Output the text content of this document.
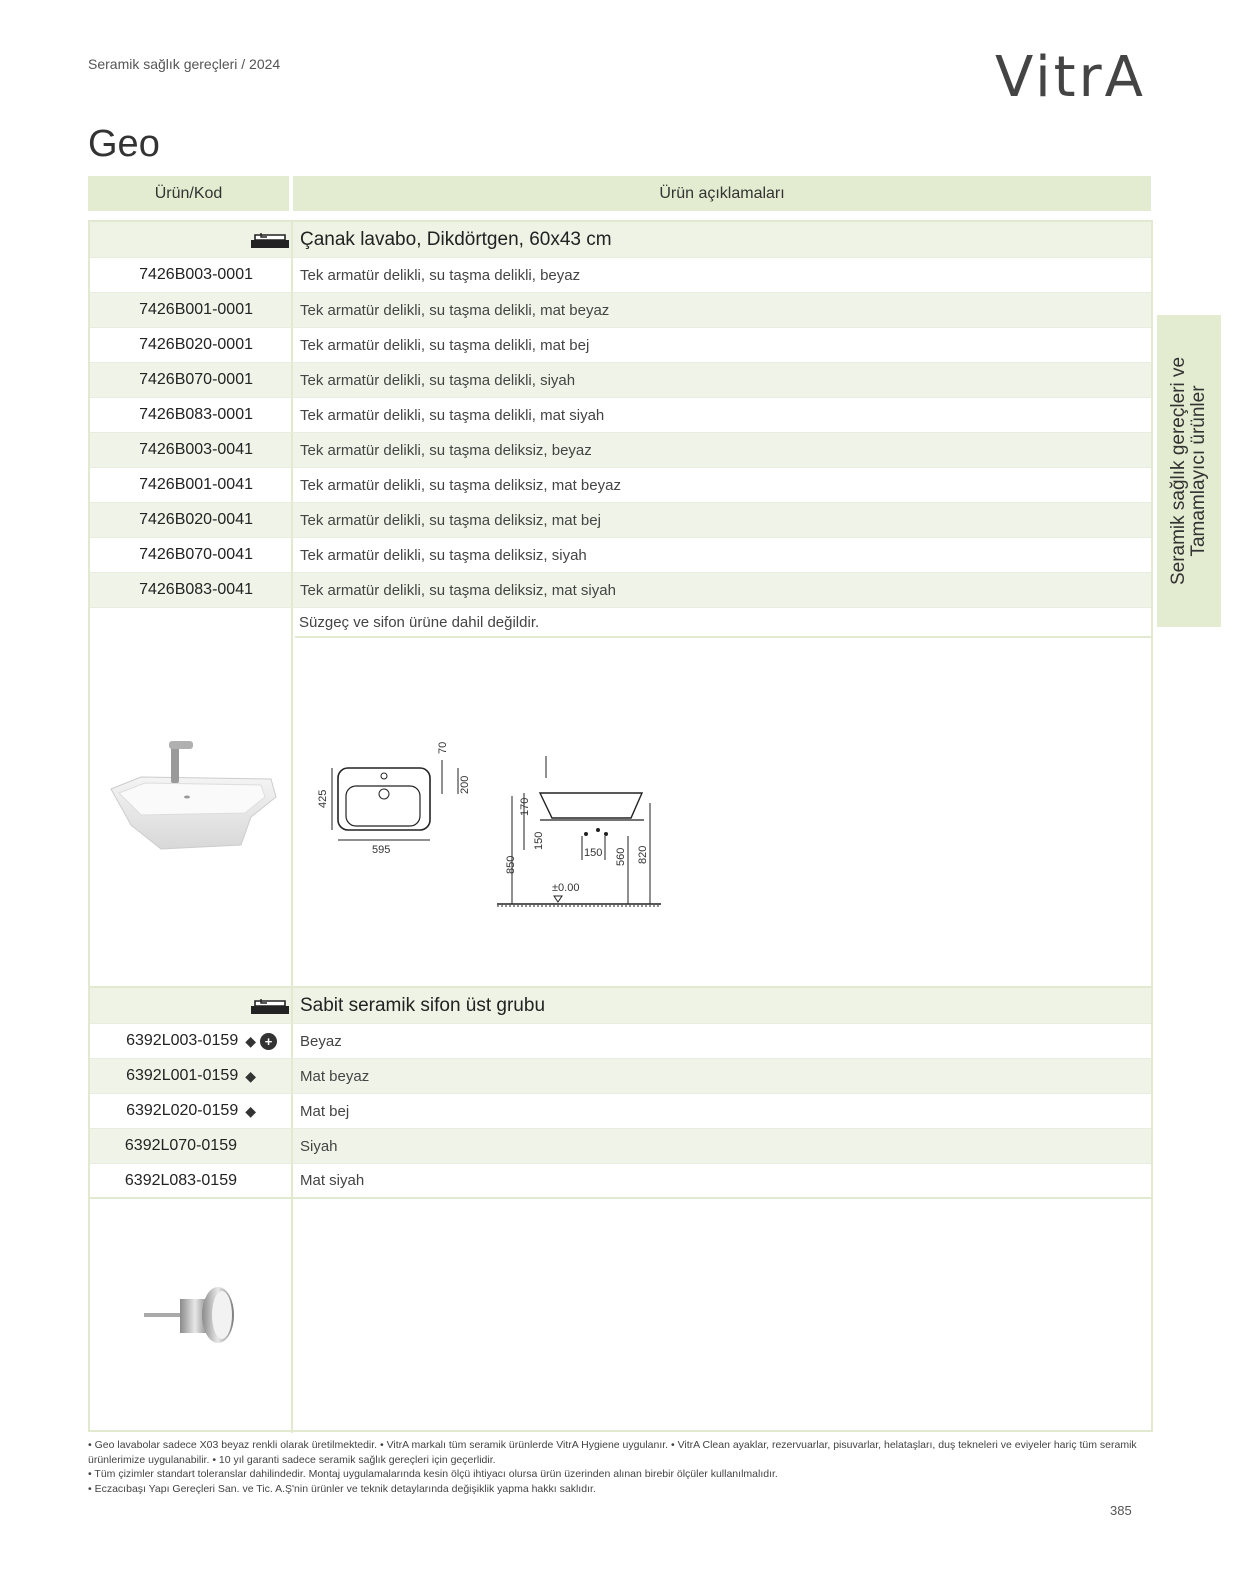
Seramik sağlık gereçleri / 2024	VitrA
Geo
Ürün/Kod	Ürün açıklamaları
Çanak lavabo, Dikdörtgen, 60x43 cm
7426B003-0001	Tek armatür delikli, su taşma delikli, beyaz
7426B001-0001	Tek armatür delikli, su taşma delikli, mat beyaz
7426B020-0001	Tek armatür delikli, su taşma delikli, mat bej
7426B070-0001	Tek armatür delikli, su taşma delikli, siyah
7426B083-0001	Tek armatür delikli, su taşma delikli, mat siyah
7426B003-0041	Tek armatür delikli, su taşma deliksiz, beyaz
7426B001-0041	Tek armatür delikli, su taşma deliksiz, mat beyaz
7426B020-0041	Tek armatür delikli, su taşma deliksiz, mat bej
7426B070-0041	Tek armatür delikli, su taşma deliksiz, siyah
7426B083-0041	Tek armatür delikli, su taşma deliksiz, mat siyah
Süzgeç ve sifon ürüne dahil değildir.
425
595
70
200
170
150
150
850	560 820
±0.00
Sabit seramik sifon üst grubu
6392L003-0159 ◆ +	Beyaz
6392L001-0159 ◆	Mat beyaz
6392L020-0159 ◆	Mat bej
6392L070-0159	Siyah
6392L083-0159	Mat siyah
Seramik sağlık gereçleri ve
Tamamlayıcı ürünler
• Geo lavabolar sadece X03 beyaz renkli olarak üretilmektedir. • VitrA markalı tüm seramik ürünlerde VitrA Hygiene uygulanır. • VitrA Clean ayaklar, rezervuarlar, pisuvarlar, helataşları, duş tekneleri ve eviyeler hariç tüm seramik ürünlerimize uygulanabilir. • 10 yıl garanti sadece seramik sağlık gereçleri için geçerlidir.
• Tüm çizimler standart toleranslar dahilindedir. Montaj uygulamalarında kesin ölçü ihtiyacı olursa ürün üzerinden alınan birebir ölçüler kullanılmalıdır.
• Eczacıbaşı Yapı Gereçleri San. ve Tic. A.Ş'nin ürünler ve teknik detaylarında değişiklik yapma hakkı saklıdır.
385
